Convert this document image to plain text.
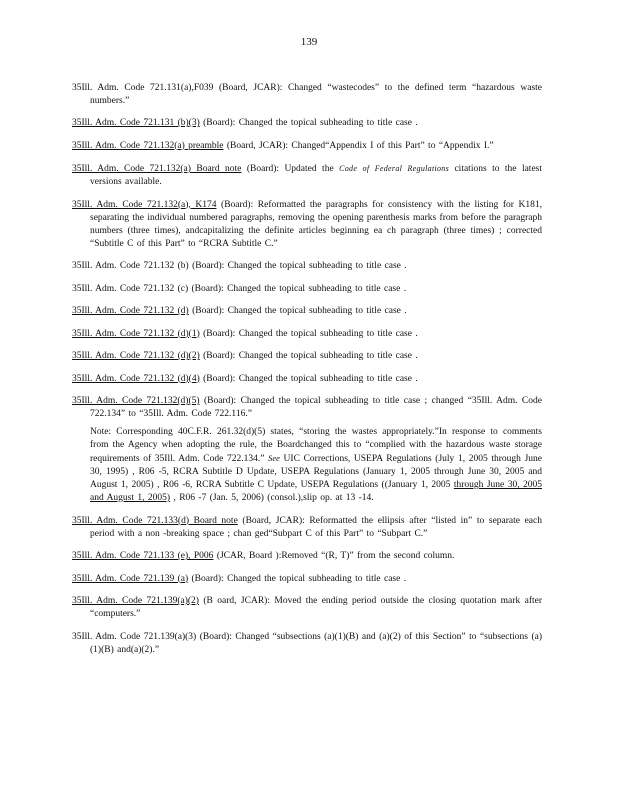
139

35Ill. Adm. Code 721.131(a),F039 (Board, JCAR): Changed “wastecodes” to the defined term “hazardous waste numbers.”

35Ill. Adm. Code 721.131 (b)(3) (Board): Changed the topical subheading to title case .

35Ill. Adm. Code 721.132(a) preamble (Board, JCAR): Changed“Appendix I of this Part” to “Appendix I.”

35Ill. Adm. Code 721.132(a) Board note (Board): Updated the Code of Federal Regulations citations to the latest versions available.

35Ill. Adm. Code 721.132(a), K174 (Board): Reformatted the paragraphs for consistency with the listing for K181, separating the individual numbered paragraphs, removing the opening parenthesis marks from before the paragraph numbers (three times), andcapitalizing the definite articles beginning ea ch paragraph (three times) ; corrected “Subtitle C of this Part” to “RCRA Subtitle C.”

35Ill. Adm. Code 721.132 (b) (Board): Changed the topical subheading to title case .

35Ill. Adm. Code 721.132 (c) (Board): Changed the topical subheading to title case .

35Ill. Adm. Code 721.132 (d) (Board): Changed the topical subheading to title case .

35Ill. Adm. Code 721.132 (d)(1) (Board): Changed the topical subheading to title case .

35Ill. Adm. Code 721.132 (d)(2) (Board): Changed the topical subheading to title case .

35Ill. Adm. Code 721.132 (d)(4) (Board): Changed the topical subheading to title case .

35Ill. Adm. Code 721.132(d)(5) (Board): Changed the topical subheading to title case ; changed “35Ill. Adm. Code 722.134” to “35Ill. Adm. Code 722.116.”

Note: Corresponding 40C.F.R. 261.32(d)(5) states, “storing the wastes appropriately.”In response to comments from the Agency when adopting the rule, the Boardchanged this to “complied with the hazardous waste storage requirements of 35Ill. Adm. Code 722.134.” See UIC Corrections, USEPA Regulations (July 1, 2005 through June 30, 1995) , R06 -5, RCRA Subtitle D Update, USEPA Regulations (January 1, 2005 through June 30, 2005 and August 1, 2005) , R06 -6, RCRA Subtitle C Update, USEPA Regulations ((January 1, 2005 through June 30, 2005 and August 1, 2005) , R06 -7 (Jan. 5, 2006) (consol.),slip op. at 13 -14.

35Ill. Adm. Code 721.133(d) Board note (Board, JCAR): Reformatted the ellipsis after “listed in” to separate each period with a non -breaking space ; chan ged“Subpart C of this Part” to “Subpart C.”

35Ill. Adm. Code 721.133 (e), P006 (JCAR, Board ):Removed “(R, T)” from the second column.

35Ill. Adm. Code 721.139 (a) (Board): Changed the topical subheading to title case .

35Ill. Adm. Code 721.139(a)(2) (B oard, JCAR): Moved the ending period outside the closing quotation mark after “computers.”

35Ill. Adm. Code 721.139(a)(3) (Board): Changed “subsections (a)(1)(B) and (a)(2) of this Section” to “subsections (a)(1)(B) and(a)(2).”
